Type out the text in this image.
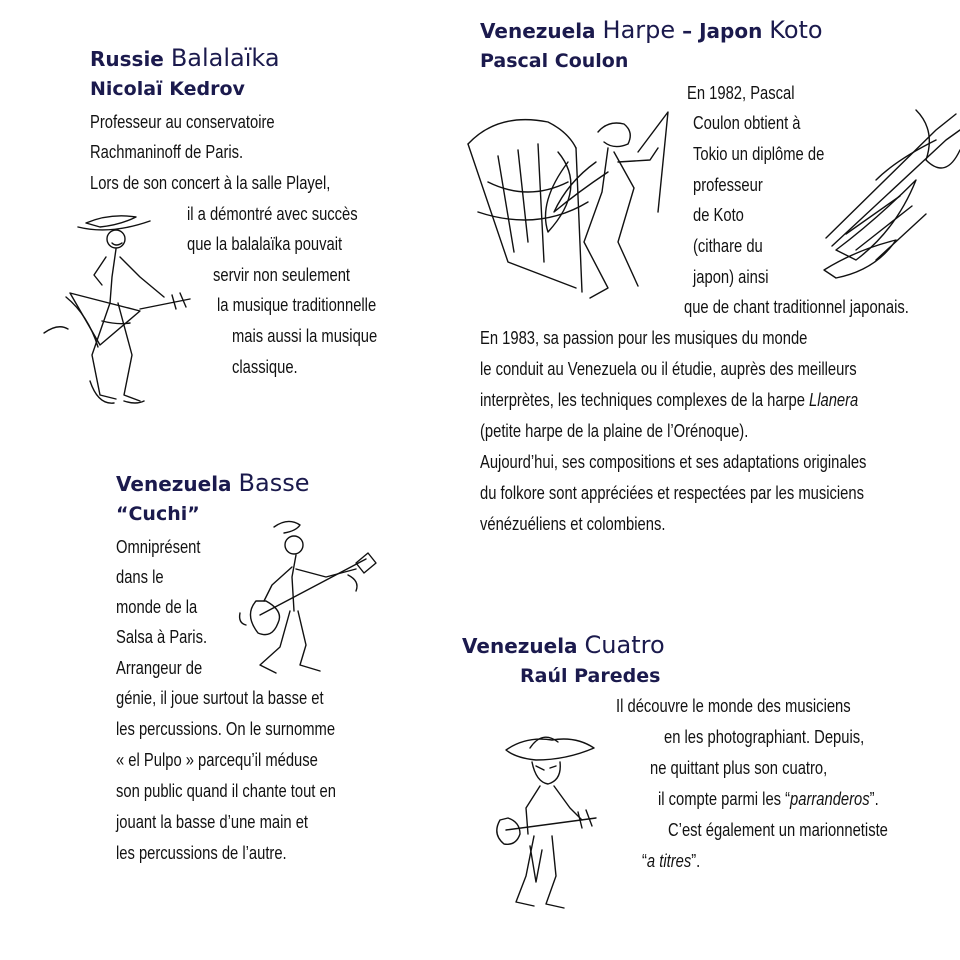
Russie Balalaïka
Nicolaï Kedrov
Professeur au conservatoire
Rachmaninoff de Paris.
Lors de son concert à la salle Playel,
il a démontré avec succès
que la balalaïka pouvait
servir non seulement
la musique traditionnelle
mais aussi la musique
classique.
Venezuela Basse
“Cuchi”
Omniprésent
dans le
monde de la
Salsa à Paris.
Arrangeur de
génie, il joue surtout la basse et
les percussions. On le surnomme
« el Pulpo » parcequ’il méduse
son public quand il chante tout en
jouant la basse d’une main et
les percussions de l’autre.
Venezuela Harpe – Japon Koto
Pascal Coulon
En 1982, Pascal
Coulon obtient à
Tokio un diplôme de
professeur
de Koto
(cithare du
japon) ainsi
que de chant traditionnel japonais.
En 1983, sa passion pour les musiques du monde
le conduit au Venezuela ou il étudie, auprès des meilleurs
interprètes, les techniques complexes de la harpe Llanera
(petite harpe de la plaine de l’Orénoque).
Aujourd’hui, ses compositions et ses adaptations originales
du folkore sont appréciées et respectées par les musiciens
vénézuéliens et colombiens.
Venezuela Cuatro
Raúl Paredes
Il découvre le monde des musiciens
en les photographiant. Depuis,
ne quittant plus son cuatro,
il compte parmi les “parranderos”.
C’est également un marionnetiste
“a titres”.
